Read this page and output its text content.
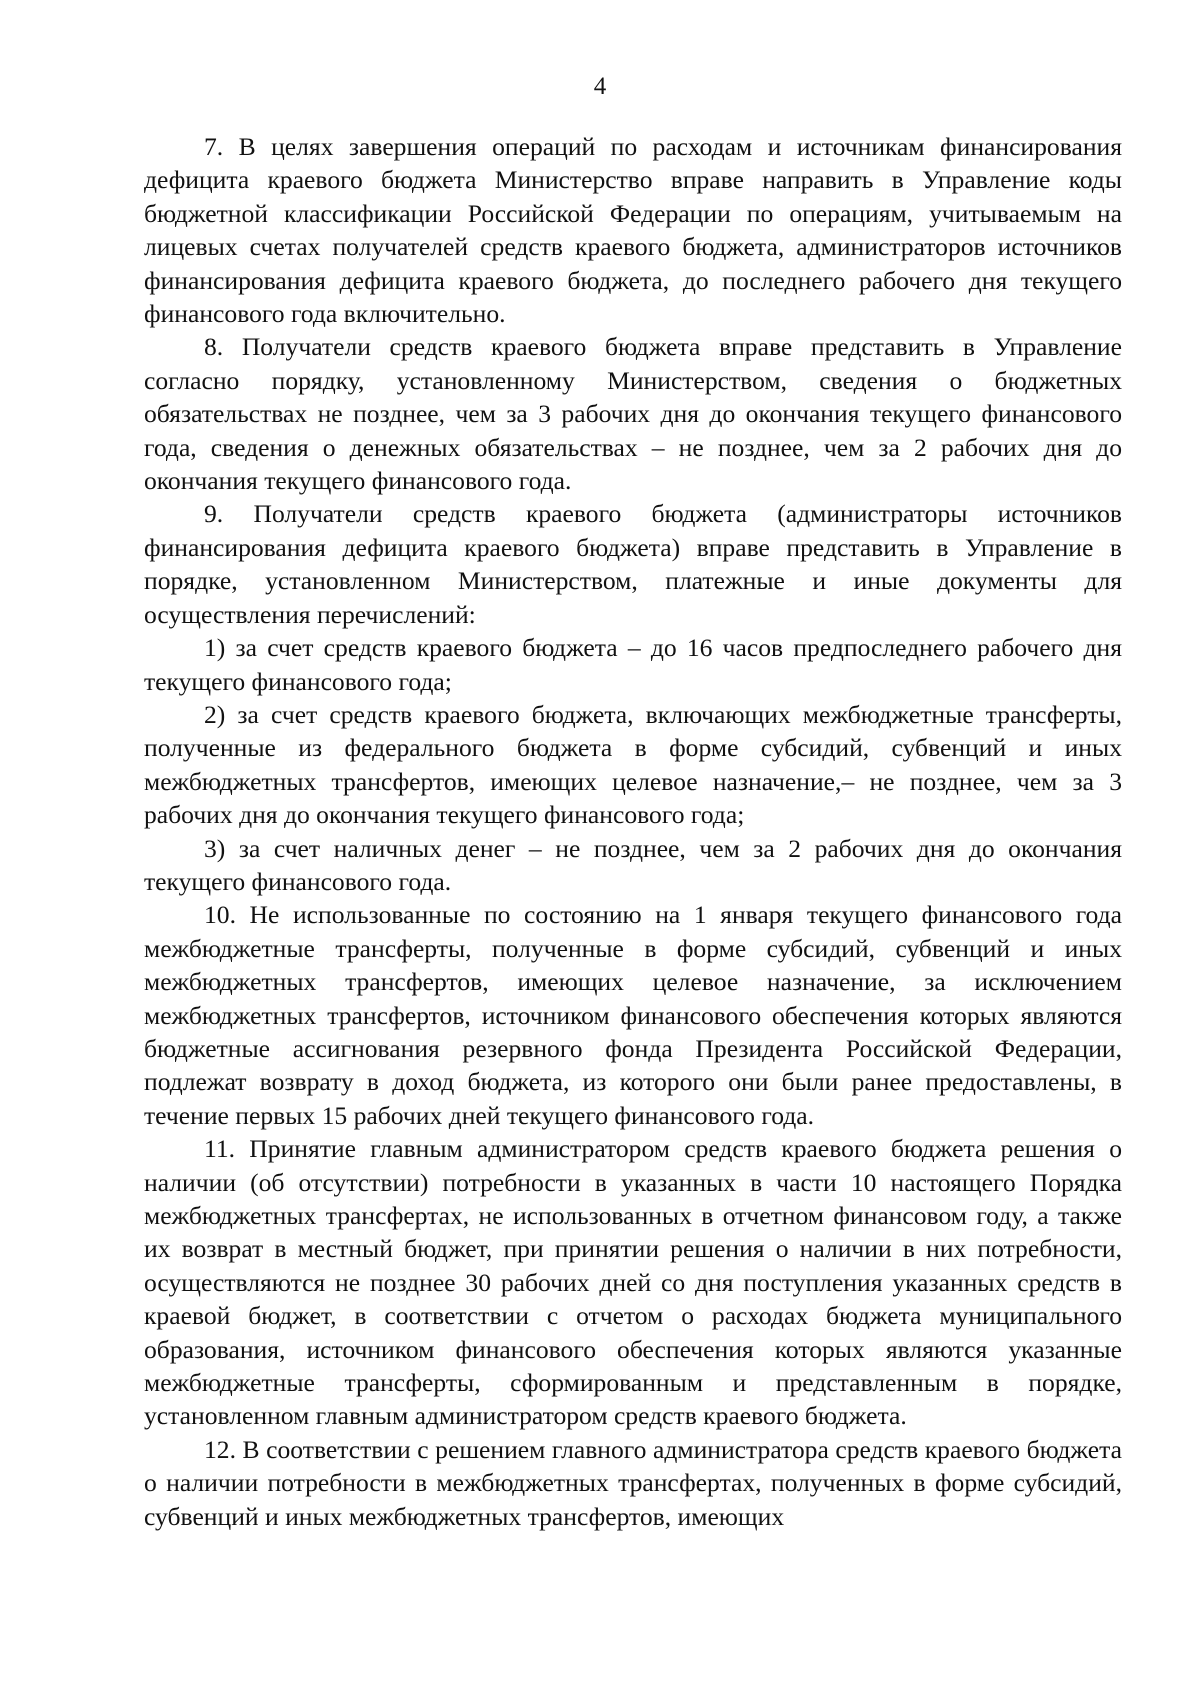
4

7. В целях завершения операций по расходам и источникам финансирования дефицита краевого бюджета Министерство вправе направить в Управление коды бюджетной классификации Российской Федерации по операциям, учитываемым на лицевых счетах получателей средств краевого бюджета, администраторов источников финансирования дефицита краевого бюджета, до последнего рабочего дня текущего финансового года включительно.

8. Получатели средств краевого бюджета вправе представить в Управление согласно порядку, установленному Министерством, сведения о бюджетных обязательствах не позднее, чем за 3 рабочих дня до окончания текущего финансового года, сведения о денежных обязательствах – не позднее, чем за 2 рабочих дня до окончания текущего финансового года.

9. Получатели средств краевого бюджета (администраторы источников финансирования дефицита краевого бюджета) вправе представить в Управление в порядке, установленном Министерством, платежные и иные документы для осуществления перечислений:

1) за счет средств краевого бюджета – до 16 часов предпоследнего рабочего дня текущего финансового года;

2) за счет средств краевого бюджета, включающих межбюджетные трансферты, полученные из федерального бюджета в форме субсидий, субвенций и иных межбюджетных трансфертов, имеющих целевое назначение,– не позднее, чем за 3 рабочих дня до окончания текущего финансового года;

3) за счет наличных денег – не позднее, чем за 2 рабочих дня до окончания текущего финансового года.

10. Не использованные по состоянию на 1 января текущего финансового года межбюджетные трансферты, полученные в форме субсидий, субвенций и иных межбюджетных трансфертов, имеющих целевое назначение, за исключением межбюджетных трансфертов, источником финансового обеспечения которых являются бюджетные ассигнования резервного фонда Президента Российской Федерации, подлежат возврату в доход бюджета, из которого они были ранее предоставлены, в течение первых 15 рабочих дней текущего финансового года.

11. Принятие главным администратором средств краевого бюджета решения о наличии (об отсутствии) потребности в указанных в части 10 настоящего Порядка межбюджетных трансфертах, не использованных в отчетном финансовом году, а также их возврат в местный бюджет, при принятии решения о наличии в них потребности, осуществляются не позднее 30 рабочих дней со дня поступления указанных средств в краевой бюджет, в соответствии с отчетом о расходах бюджета муниципального образования, источником финансового обеспечения которых являются указанные межбюджетные трансферты, сформированным и представленным в порядке, установленном главным администратором средств краевого бюджета.

12. В соответствии с решением главного администратора средств краевого бюджета о наличии потребности в межбюджетных трансфертах, полученных в форме субсидий, субвенций и иных межбюджетных трансфертов, имеющих
